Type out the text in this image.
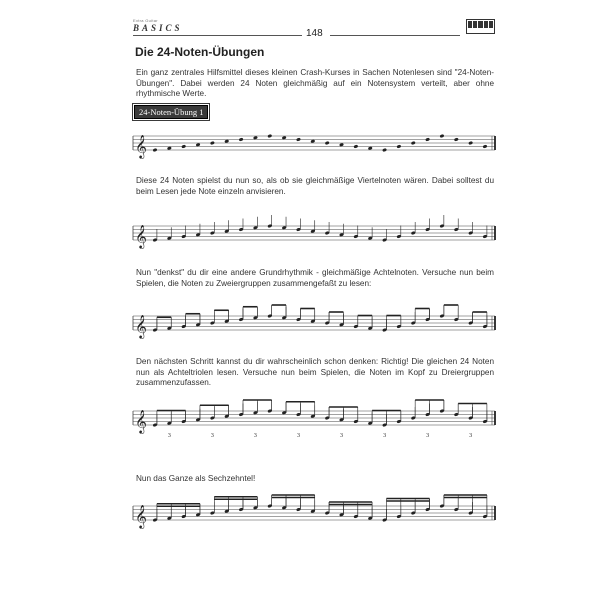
Extra Guitar
BASICS	148
Die 24-Noten-Übungen

Ein ganz zentrales Hilfsmittel dieses kleinen Crash-Kurses in Sachen Notenlesen sind "24-Noten-Übungen". Dabei werden 24 Noten gleichmäßig auf ein Notensystem verteilt, aber ohne rhythmische Werte.

24-Noten-Übung 1
𝄞

Diese 24 Noten spielst du nun so, als ob sie gleichmäßige Viertelnoten wären. Dabei solltest du beim Lesen jede Note einzeln anvisieren.

𝄞

Nun "denkst" du dir eine andere Grundrhythmik - gleichmäßige Achtelnoten. Versuche nun beim Spielen, die Noten zu Zweiergruppen zusammengefaßt zu lesen:

𝄞

Den nächsten Schritt kannst du dir wahrscheinlich schon denken: Richtig! Die gleichen 24 Noten nun als Achteltriolen lesen. Versuche nun beim Spielen, die Noten im Kopf zu Dreiergruppen zusammenzufassen.

𝄞
3	3	3	3	3	3	3	3

Nun das Ganze als Sechzehntel!

𝄞
